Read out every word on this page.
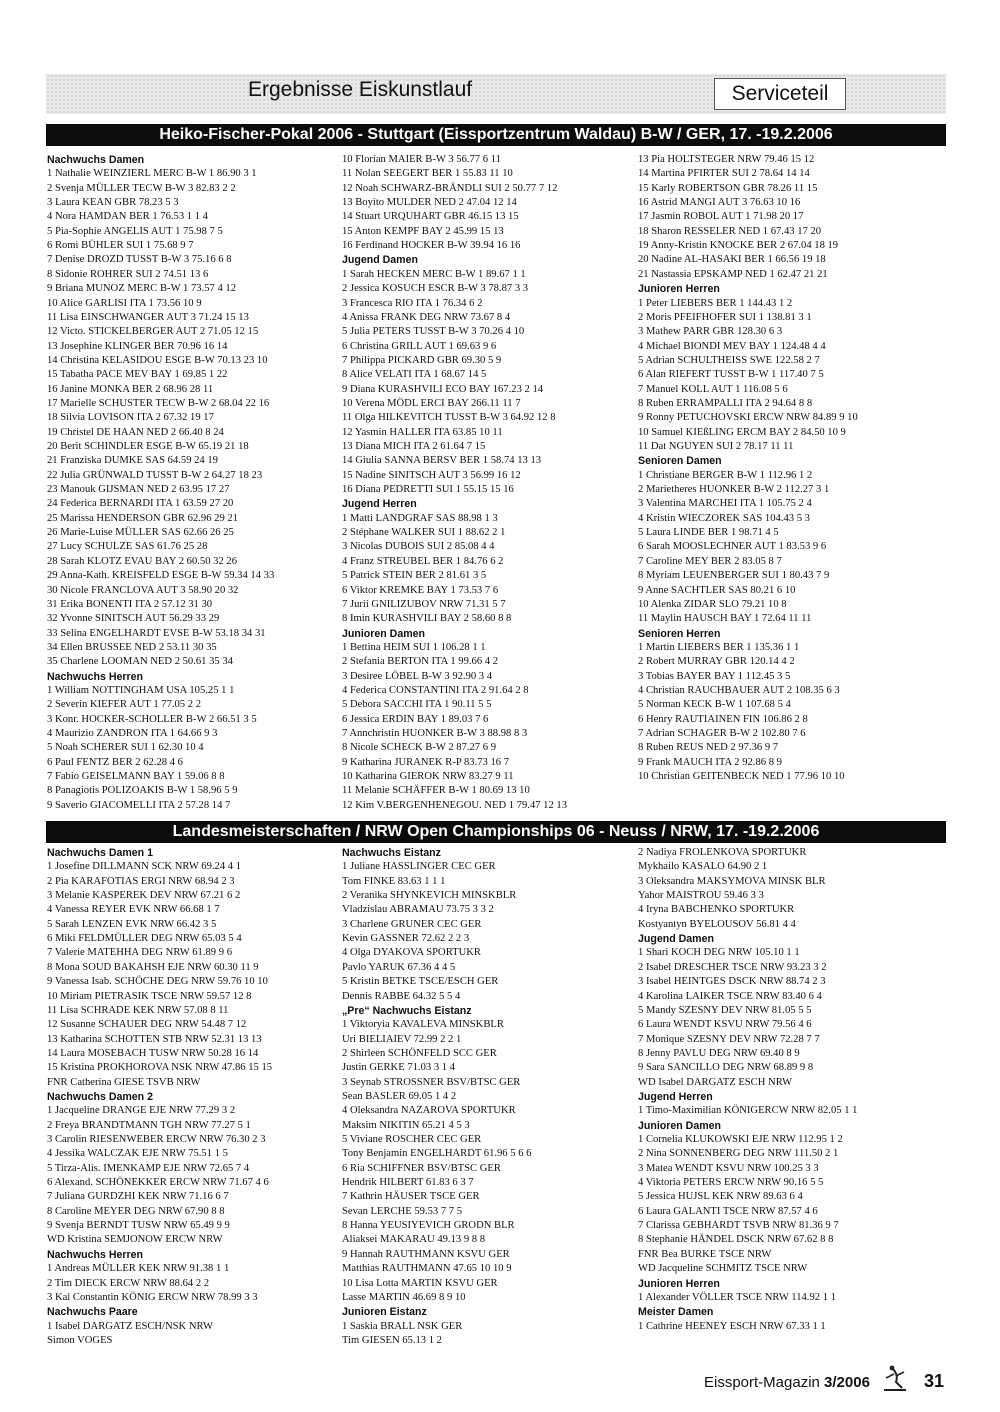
Ergebnisse Eiskunstlauf	Serviceteil
Heiko-Fischer-Pokal 2006 - Stuttgart (Eissportzentrum Waldau) B-W / GER, 17. -19.2.2006
Nachwuchs Damen
1 Nathalie WEINZIERL MERC B-W 1 86.90 3 1
2 Svenja MÜLLER TECW B-W 3 82.83 2 2
3 Laura KEAN GBR 78.23 5 3
4 Nora HAMDAN BER 1 76.53 1 1 4
5 Pia-Sophie ANGELIS AUT 1 75.98 7 5
6 Romi BÜHLER SUI 1 75.68 9 7
7 Denise DROZD TUSST B-W 3 75.16 6 8
8 Sidonie ROHRER SUI 2 74.51 13 6
9 Briana MUNOZ MERC B-W 1 73.57 4 12
10 Alice GARLISI ITA 1 73.56 10 9
11 Lisa EINSCHWANGER AUT 3 71.24 15 13
12 Victo. STICKELBERGER AUT 2 71.05 12 15
13 Josephine KLINGER BER 70.96 16 14
14 Christina KELASIDOU ESGE B-W 70.13 23 10
15 Tabatha PACE MEV BAY 1 69.85 1 22
16 Janine MONKA BER 2 68.96 28 11
17 Marielle SCHUSTER TECW B-W 2 68.04 22 16
18 Silvia LOVISON ITA 2 67.32 19 17
19 Christel DE HAAN NED 2 66.40 8 24
20 Berit SCHINDLER ESGE B-W 65.19 21 18
21 Franziska DUMKE SAS 64.59 24 19
22 Julia GRÜNWALD TUSST B-W 2 64.27 18 23
23 Manouk GIJSMAN NED 2 63.95 17 27
24 Federica BERNARDI ITA 1 63.59 27 20
25 Marissa HENDERSON GBR 62.96 29 21
26 Marie-Luise MÜLLER SAS 62.66 26 25
27 Lucy SCHULZE SAS 61.76 25 28
28 Sarah KLOTZ EVAU BAY 2 60.50 32 26
29 Anna-Kath. KREISFELD ESGE B-W 59.34 14 33
30 Nicole FRANCLOVA AUT 3 58.90 20 32
31 Erika BONENTI ITA 2 57.12 31 30
32 Yvonne SINITSCH AUT 56.29 33 29
33 Selina ENGELHARDT EVSE B-W 53.18 34 31
34 Ellen BRUSSEE NED 2 53.11 30 35
35 Charlene LOOMAN NED 2 50.61 35 34
Nachwuchs Herren
1 William NOTTINGHAM USA 105.25 1 1
2 Severin KIEFER AUT 1 77.05 2 2
3 Konr. HOCKER-SCHOLLER B-W 2 66.51 3 5
4 Maurizio ZANDRON ITA 1 64.66 9 3
5 Noah SCHERER SUI 1 62.30 10 4
6 Paul FENTZ BER 2 62.28 4 6
7 Fabio GEISELMANN BAY 1 59.06 8 8
8 Panagiotis POLIZOAKIS B-W 1 58.96 5 9
9 Saverio GIACOMELLI ITA 2 57.28 14 7
10 Florian MAIER B-W 3 56.77 6 11
11 Nolan SEEGERT BER 1 55.83 11 10
12 Noah SCHWARZ-BRÄNDLI SUI 2 50.77 7 12
13 Boyito MULDER NED 2 47.04 12 14
14 Stuart URQUHART GBR 46.15 13 15
15 Anton KEMPF BAY 2 45.99 15 13
16 Ferdinand HOCKER B-W 39.94 16 16
Jugend Damen
1 Sarah HECKEN MERC B-W 1 89.67 1 1
2 Jessica KOSUCH ESCR B-W 3 78.87 3 3
3 Francesca RIO ITA 1 76.34 6 2
4 Anissa FRANK DEG NRW 73.67 8 4
5 Julia PETERS TUSST B-W 3 70.26 4 10
6 Christina GRILL AUT 1 69.63 9 6
7 Philippa PICKARD GBR 69.30 5 9
8 Alice VELATI ITA 1 68.67 14 5
9 Diana KURASHVILI ECO BAY 167.23 2 14
10 Verena MÖDL ERCI BAY 266.11 11 7
11 Olga HILKEVITCH TUSST B-W 3 64.92 12 8
12 Yasmin HALLER ITA 63.85 10 11
13 Diana MICH ITA 2 61.64 7 15
14 Giulia SANNA BERSV BER 1 58.74 13 13
15 Nadine SINITSCH AUT 3 56.99 16 12
16 Diana PEDRETTI SUI 1 55.15 15 16
Jugend Herren
1 Matti LANDGRAF SAS 88.98 1 3
2 Stéphane WALKER SUI 1 88.62 2 1
3 Nicolas DUBOIS SUI 2 85.08 4 4
4 Franz STREUBEL BER 1 84.76 6 2
5 Patrick STEIN BER 2 81.61 3 5
6 Viktor KREMKE BAY 1 73.53 7 6
7 Jurii GNILIZUBOV NRW 71.31 5 7
8 Imin KURASHVILI BAY 2 58.60 8 8
Junioren Damen
1 Bettina HEIM SUI 1 106.28 1 1
2 Stefania BERTON ITA 1 99.66 4 2
3 Desiree LÖBEL B-W 3 92.90 3 4
4 Federica CONSTANTINI ITA 2 91.64 2 8
5 Debora SACCHI ITA 1 90.11 5 5
6 Jessica ERDIN BAY 1 89.03 7 6
7 Annchristin HUONKER B-W 3 88.98 8 3
8 Nicole SCHECK B-W 2 87.27 6 9
9 Katharina JURANEK R-P 83.73 16 7
10 Katharina GIEROK NRW 83.27 9 11
11 Melanie SCHÄFFER B-W 1 80.69 13 10
12 Kim V.BERGENHENEGOU. NED 1 79.47 12 13
13 Pia HOLTSTEGER NRW 79.46 15 12
14 Martina PFIRTER SUI 2 78.64 14 14
15 Karly ROBERTSON GBR 78.26 11 15
16 Astrid MANGI AUT 3 76.63 10 16
17 Jasmin ROBOL AUT 1 71.98 20 17
18 Sharon RESSELER NED 1 67.43 17 20
19 Anny-Kristin KNOCKE BER 2 67.04 18 19
20 Nadine AL-HASAKI BER 1 66.56 19 18
21 Nastassia EPSKAMP NED 1 62.47 21 21
Junioren Herren
1 Peter LIEBERS BER 1 144.43 1 2
2 Moris PFEIFHOFER SUI 1 138.81 3 1
3 Mathew PARR GBR 128.30 6 3
4 Michael BIONDI MEV BAY 1 124.48 4 4
5 Adrian SCHULTHEISS SWE 122.58 2 7
6 Alan RIEFERT TUSST B-W 1 117.40 7 5
7 Manuel KOLL AUT 1 116.08 5 6
8 Ruben ERRAMPALLI ITA 2 94.64 8 8
9 Ronny PETUCHOVSKI ERCW NRW 84.89 9 10
10 Samuel KIEßLING ERCM BAY 2 84.50 10 9
11 Dat NGUYEN SUI 2 78.17 11 11
Senioren Damen
1 Christiane BERGER B-W 1 112.96 1 2
2 Marietheres HUONKER B-W 2 112.27 3 1
3 Valentina MARCHEI ITA 1 105.75 2 4
4 Kristin WIECZOREK SAS 104.43 5 3
5 Laura LINDE BER 1 98.71 4 5
6 Sarah MOOSLECHNER AUT 1 83.53 9 6
7 Caroline MEY BER 2 83.05 8 7
8 Myriam LEUENBERGER SUI 1 80.43 7 9
9 Anne SACHTLER SAS 80.21 6 10
10 Alenka ZIDAR SLO 79.21 10 8
11 Maylin HAUSCH BAY 1 72.64 11 11
Senioren Herren
1 Martin LIEBERS BER 1 135.36 1 1
2 Robert MURRAY GBR 120.14 4 2
3 Tobias BAYER BAY 1 112.45 3 5
4 Christian RAUCHBAUER AUT 2 108.35 6 3
5 Norman KECK B-W 1 107.68 5 4
6 Henry RAUTIAINEN FIN 106.86 2 8
7 Adrian SCHAGER B-W 2 102.80 7 6
8 Ruben REUS NED 2 97.36 9 7
9 Frank MAUCH ITA 2 92.86 8 9
10 Christian GEITENBECK NED 1 77.96 10 10
Landesmeisterschaften / NRW Open Championships 06 - Neuss / NRW, 17. -19.2.2006
Nachwuchs Damen 1
1 Josefine DILLMANN SCK NRW 69.24 4 1
2 Pia KARAFOTIAS ERGI NRW 68.94 2 3
3 Melanie KASPEREK DEV NRW 67.21 6 2
4 Vanessa REYER EVK NRW 66.68 1 7
5 Sarah LENZEN EVK NRW 66.42 3 5
6 Miki FELDMÜLLER DEG NRW 65.03 5 4
7 Valerie MATEHHA DEG NRW 61.89 9 6
8 Mona SOUD BAKAHSH EJE NRW 60.30 11 9
9 Vanessa Isab. SCHÖCHE DEG NRW 59.76 10 10
10 Miriam PIETRASIK TSCE NRW 59.57 12 8
11 Lisa SCHRADE KEK NRW 57.08 8 11
12 Susanne SCHAUER DEG NRW 54.48 7 12
13 Katharina SCHOTTEN STB NRW 52.31 13 13
14 Laura MOSEBACH TUSW NRW 50.28 16 14
15 Kristina PROKHOROVA NSK NRW 47.86 15 15
FNR Catherina GIESE TSVB NRW
Nachwuchs Damen 2
1 Jacqueline DRANGE EJE NRW 77.29 3 2
2 Freya BRANDTMANN TGH NRW 77.27 5 1
3 Carolin RIESENWEBER ERCW NRW 76.30 2 3
4 Jessika WALCZAK EJE NRW 75.51 1 5
5 Tirza-Alis. IMENKAMP EJE NRW 72.65 7 4
6 Alexand. SCHÖNEKKER ERCW NRW 71.67 4 6
7 Juliana GURDZHI KEK NRW 71.16 6 7
8 Caroline MEYER DEG NRW 67.90 8 8
9 Svenja BERNDT TUSW NRW 65.49 9 9
WD Kristina SEMJONOW ERCW NRW
Nachwuchs Herren
1 Andreas MÜLLER KEK NRW 91.38 1 1
2 Tim DIECK ERCW NRW 88.64 2 2
3 Kai Constantin KÖNIG ERCW NRW 78.99 3 3
Nachwuchs Paare
1 Isabel DARGATZ ESCH/NSK NRW
Simon VOGES
Nachwuchs Eistanz
1 Juliane HASSLINGER CEC GER
Tom FINKE 83.63 1 1 1
2 Veranika SHYNKEVICH MINSKBLR
Vladzislau ABRAMAU 73.75 3 3 2
3 Charlene GRUNER CEC GER
Kevin GASSNER 72.62 2 2 3
4 Olga DYAKOVA SPORTUKR
Pavlo YARUK 67.36 4 4 5
5 Kristin BETKE TSCE/ESCH GER
Dennis RABBE 64.32 5 5 4
„Pre“ Nachwuchs Eistanz
1 Viktoryia KAVALEVA MINSKBLR
Uri BIELIAIEV 72.99 2 2 1
2 Shirleen SCHÖNFELD SCC GER
Justin GERKE 71.03 3 1 4
3 Seynab STROSSNER BSV/BTSC GER
Sean BASLER 69.05 1 4 2
4 Oleksandra NAZAROVA SPORTUKR
Maksim NIKITIN 65.21 4 5 3
5 Viviane ROSCHER CEC GER
Tony Benjamin ENGELHARDT 61.96 5 6 6
6 Ria SCHIFFNER BSV/BTSC GER
Hendrik HILBERT 61.83 6 3 7
7 Kathrin HÄUSER TSCE GER
Sevan LERCHE 59.53 7 7 5
8 Hanna YEUSIYEVICH GRODN BLR
Aliaksei MAKARAU 49.13 9 8 8
9 Hannah RAUTHMANN KSVU GER
Matthias RAUTHMANN 47.65 10 10 9
10 Lisa Lotta MARTIN KSVU GER
Lasse MARTIN 46.69 8 9 10
Junioren Eistanz
1 Saskia BRALL NSK GER
Tim GIESEN 65.13 1 2
2 Nadiya FROLENKOVA SPORTUKR
Mykhailo KASALO 64.90 2 1
3 Oleksandra MAKSYMOVA MINSK BLR
Yahor MAISTROU 59.46 3 3
4 Iryna BABCHENKO SPORTUKR
Kostyantyn BYELOUSOV 56.81 4 4
Jugend Damen
1 Shari KOCH DEG NRW 105.10 1 1
2 Isabel DRESCHER TSCE NRW 93.23 3 2
3 Isabel HEINTGES DSCK NRW 88.74 2 3
4 Karolina LAIKER TSCE NRW 83.40 6 4
5 Mandy SZESNY DEV NRW 81.05 5 5
6 Laura WENDT KSVU NRW 79.56 4 6
7 Monique SZESNY DEV NRW 72.28 7 7
8 Jenny PAVLU DEG NRW 69.40 8 9
9 Sara SANCILLO DEG NRW 68.89 9 8
WD Isabel DARGATZ ESCH NRW
Jugend Herren
1 Timo-Maximilian KÖNIGERCW NRW 82.05 1 1
Junioren Damen
1 Cornelia KLUKOWSKI EJE NRW 112.95 1 2
2 Nina SONNENBERG DEG NRW 111.50 2 1
3 Matea WENDT KSVU NRW 100.25 3 3
4 Viktoria PETERS ERCW NRW 90.16 5 5
5 Jessica HUJSL KEK NRW 89.63 6 4
6 Laura GALANTI TSCE NRW 87.57 4 6
7 Clarissa GEBHARDT TSVB NRW 81.36 9 7
8 Stephanie HÄNDEL DSCK NRW 67.62 8 8
FNR Bea BURKE TSCE NRW
WD Jacqueline SCHMITZ TSCE NRW
Junioren Herren
1 Alexander VÖLLER TSCE NRW 114.92 1 1
Meister Damen
1 Cathrine HEENEY ESCH NRW 67.33 1 1
Eissport-Magazin 3/2006	31
